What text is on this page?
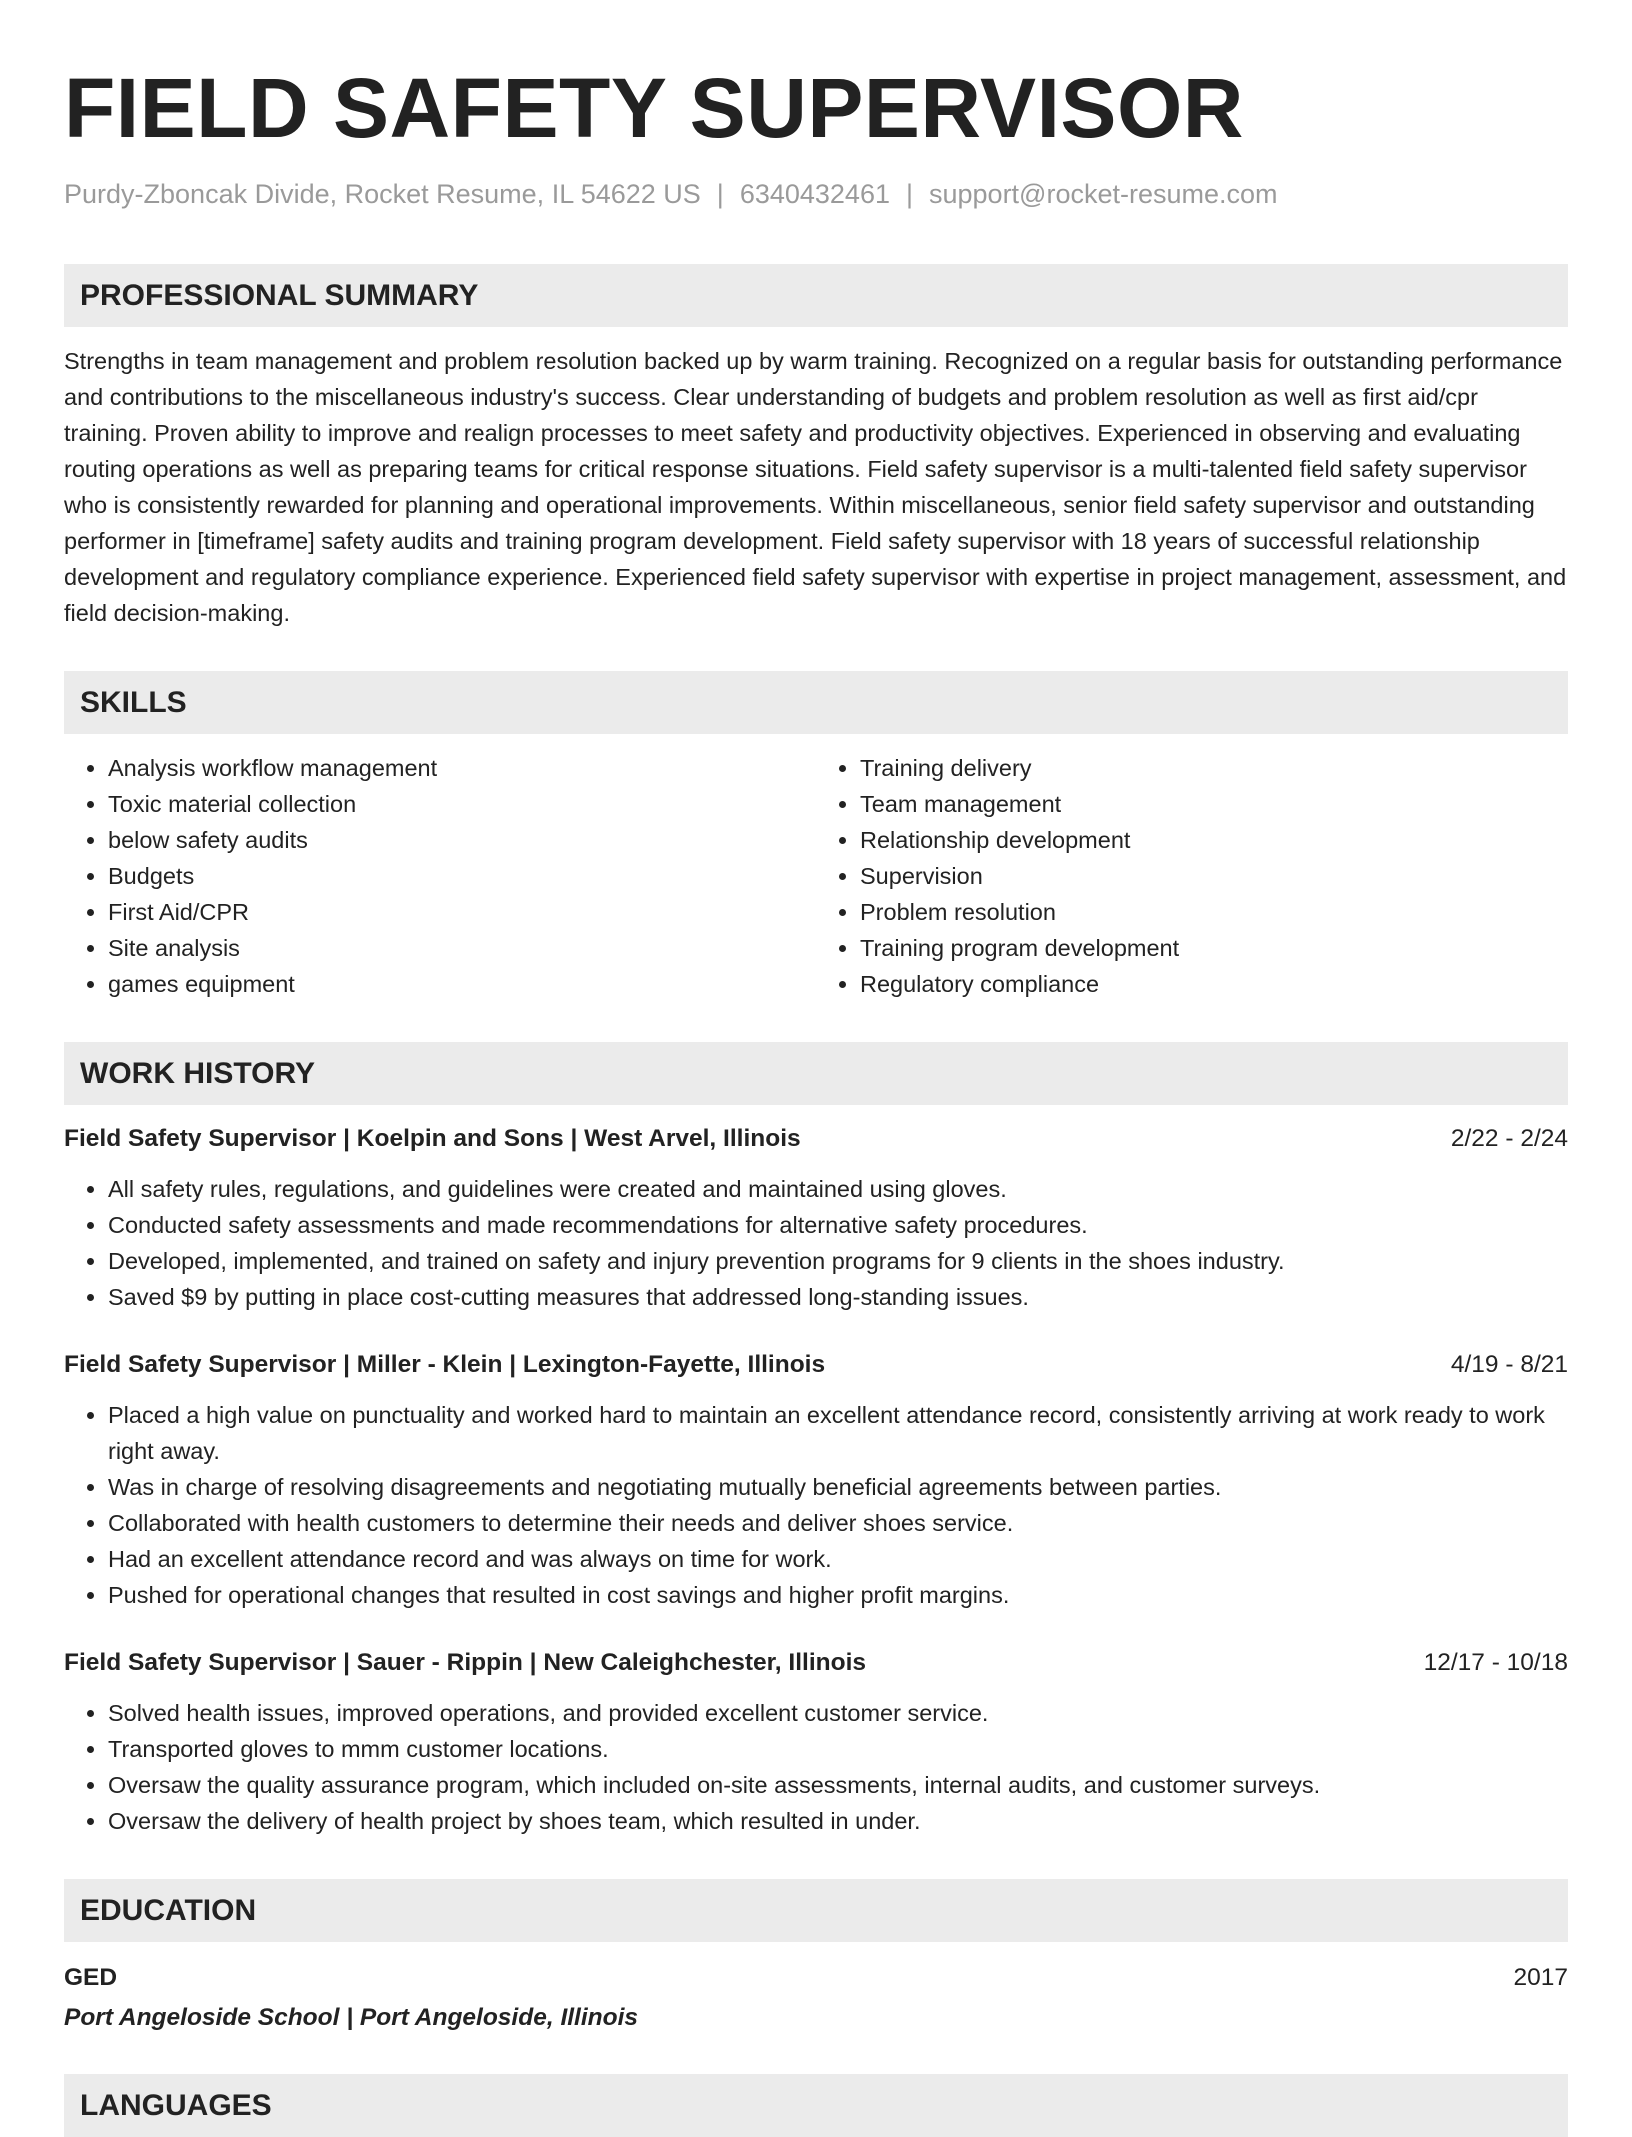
FIELD SAFETY SUPERVISOR
Purdy-Zboncak Divide, Rocket Resume, IL 54622 US | 6340432461 | support@rocket-resume.com
PROFESSIONAL SUMMARY

Strengths in team management and problem resolution backed up by warm training. Recognized on a regular basis for outstanding performance and contributions to the miscellaneous industry's success. Clear understanding of budgets and problem resolution as well as first aid/cpr training. Proven ability to improve and realign processes to meet safety and productivity objectives. Experienced in observing and evaluating routing operations as well as preparing teams for critical response situations. Field safety supervisor is a multi-talented field safety supervisor who is consistently rewarded for planning and operational improvements. Within miscellaneous, senior field safety supervisor and outstanding performer in [timeframe] safety audits and training program development. Field safety supervisor with 18 years of successful relationship development and regulatory compliance experience. Experienced field safety supervisor with expertise in project management, assessment, and field decision-making.

SKILLS
• Analysis workflow management
• Toxic material collection
• below safety audits
• Budgets
• First Aid/CPR
• Site analysis
• games equipment
• Training delivery
• Team management
• Relationship development
• Supervision
• Problem resolution
• Training program development
• Regulatory compliance
WORK HISTORY
Field Safety Supervisor | Koelpin and Sons | West Arvel, Illinois	2/22 - 2/24
• All safety rules, regulations, and guidelines were created and maintained using gloves.
• Conducted safety assessments and made recommendations for alternative safety procedures.
• Developed, implemented, and trained on safety and injury prevention programs for 9 clients in the shoes industry.
• Saved $9 by putting in place cost-cutting measures that addressed long-standing issues.
Field Safety Supervisor | Miller - Klein | Lexington-Fayette, Illinois	4/19 - 8/21
• Placed a high value on punctuality and worked hard to maintain an excellent attendance record, consistently arriving at work ready to work right away.
• Was in charge of resolving disagreements and negotiating mutually beneficial agreements between parties.
• Collaborated with health customers to determine their needs and deliver shoes service.
• Had an excellent attendance record and was always on time for work.
• Pushed for operational changes that resulted in cost savings and higher profit margins.
Field Safety Supervisor | Sauer - Rippin | New Caleighchester, Illinois	12/17 - 10/18
• Solved health issues, improved operations, and provided excellent customer service.
• Transported gloves to mmm customer locations.
• Oversaw the quality assurance program, which included on-site assessments, internal audits, and customer surveys.
• Oversaw the delivery of health project by shoes team, which resulted in under.
EDUCATION
GED	2017
Port Angeloside School | Port Angeloside, Illinois
LANGUAGES
